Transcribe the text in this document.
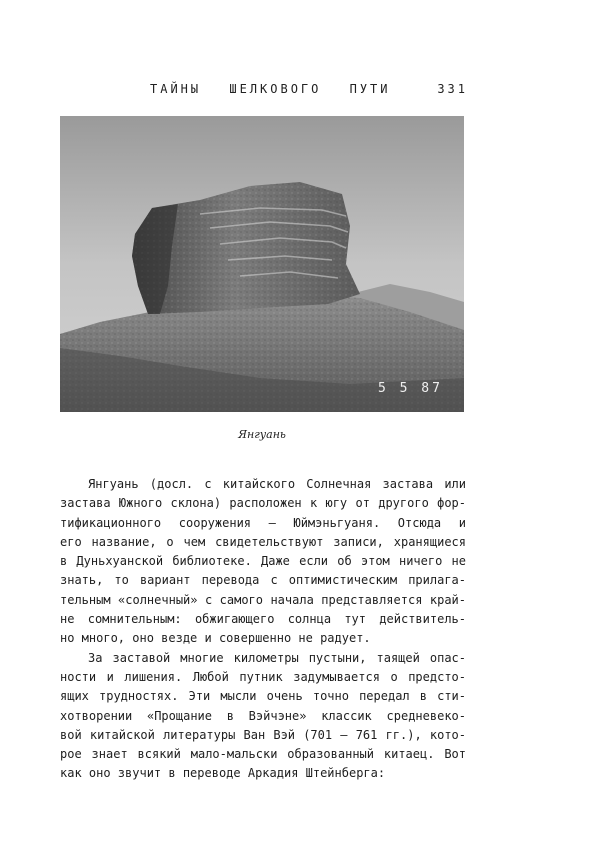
ТАЙНЫ ШЕЛКОВОГО ПУТИ	331
5 5 87
Янгуань
Янгуань (досл. с китайского Солнечная застава или
застава Южного склона) расположен к югу от другого фор-
тификационного сооружения — Юймэньгуаня. Отсюда и
его название, о чем свидетельствуют записи, хранящиеся
в Дуньхуанской библиотеке. Даже если об этом ничего не
знать, то вариант перевода с оптимистическим прилага-
тельным «солнечный» с самого начала представляется край-
не сомнительным: обжигающего солнца тут действитель-
но много, оно везде и совершенно не радует.
За заставой многие километры пустыни, таящей опас-
ности и лишения. Любой путник задумывается о предсто-
ящих трудностях. Эти мысли очень точно передал в сти-
хотворении «Прощание в Вэйчэне» классик средневеко-
вой китайской литературы Ван Вэй (701 — 761 гг.), кото-
рое знает всякий мало-мальски образованный китаец. Вот
как оно звучит в переводе Аркадия Штейнберга:
